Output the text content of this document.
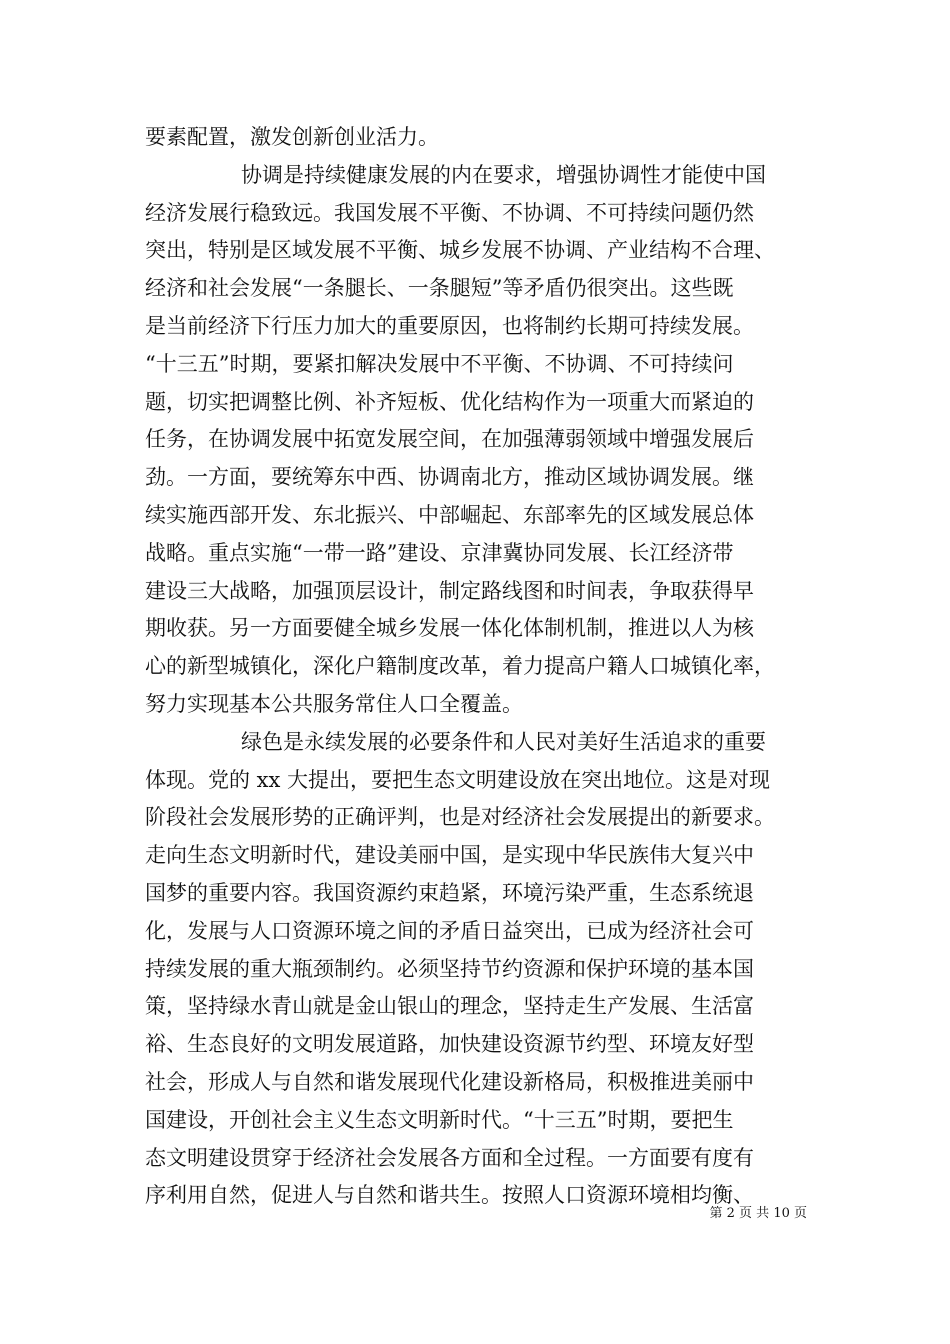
要素配置，激发创新创业活力。
协调是持续健康发展的内在要求，增强协调性才能使中国
经济发展行稳致远。我国发展不平衡、不协调、不可持续问题仍然
突出，特别是区域发展不平衡、城乡发展不协调、产业结构不合理、
经济和社会发展“一条腿长、一条腿短”等矛盾仍很突出。这些既
是当前经济下行压力加大的重要原因，也将制约长期可持续发展。
“十三五”时期，要紧扣解决发展中不平衡、不协调、不可持续问
题，切实把调整比例、补齐短板、优化结构作为一项重大而紧迫的
任务，在协调发展中拓宽发展空间，在加强薄弱领域中增强发展后
劲。一方面，要统筹东中西、协调南北方，推动区域协调发展。继
续实施西部开发、东北振兴、中部崛起、东部率先的区域发展总体
战略。重点实施“一带一路”建设、京津冀协同发展、长江经济带
建设三大战略，加强顶层设计，制定路线图和时间表，争取获得早
期收获。另一方面要健全城乡发展一体化体制机制，推进以人为核
心的新型城镇化，深化户籍制度改革，着力提高户籍人口城镇化率，
努力实现基本公共服务常住人口全覆盖。
绿色是永续发展的必要条件和人民对美好生活追求的重要
体现。党的 xx 大提出，要把生态文明建设放在突出地位。这是对现
阶段社会发展形势的正确评判，也是对经济社会发展提出的新要求。
走向生态文明新时代，建设美丽中国，是实现中华民族伟大复兴中
国梦的重要内容。我国资源约束趋紧，环境污染严重，生态系统退
化，发展与人口资源环境之间的矛盾日益突出，已成为经济社会可
持续发展的重大瓶颈制约。必须坚持节约资源和保护环境的基本国
策，坚持绿水青山就是金山银山的理念，坚持走生产发展、生活富
裕、生态良好的文明发展道路，加快建设资源节约型、环境友好型
社会，形成人与自然和谐发展现代化建设新格局，积极推进美丽中
国建设，开创社会主义生态文明新时代。“十三五”时期，要把生
态文明建设贯穿于经济社会发展各方面和全过程。一方面要有度有
序利用自然，促进人与自然和谐共生。按照人口资源环境相均衡、
第 2 页 共 10 页
